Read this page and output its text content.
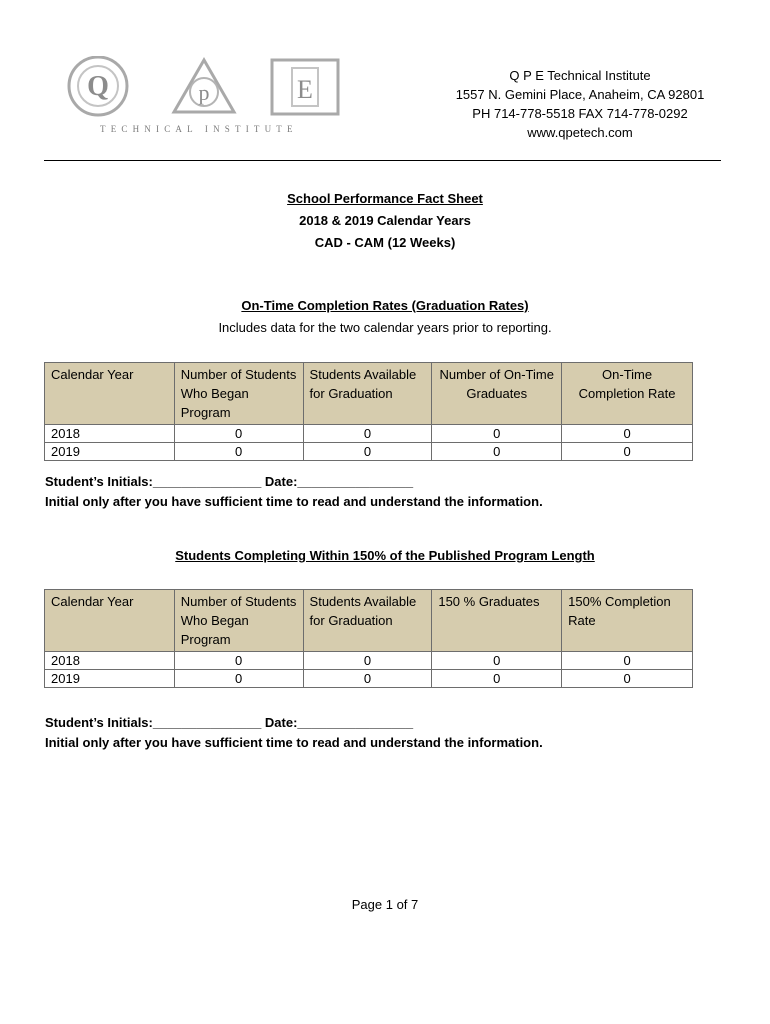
Q	p	E
TECHNICAL INSTITUTE
Q P E Technical Institute
1557 N. Gemini Place, Anaheim, CA 92801
PH 714-778-5518 FAX 714-778-0292
www.qpetech.com
School Performance Fact Sheet
2018 & 2019 Calendar Years
CAD - CAM (12 Weeks)
On-Time Completion Rates (Graduation Rates)
Includes data for the two calendar years prior to reporting.
Calendar Year	Number of Students Who Began Program	Students Available for Graduation	Number of On-Time Graduates	On-Time Completion Rate
2018	0	0	0	0
2019	0	0	0	0
Student’s Initials:_______________ Date:________________
Initial only after you have sufficient time to read and understand the information.
Students Completing Within 150% of the Published Program Length
Calendar Year	Number of Students Who Began Program	Students Available for Graduation	150 % Graduates	150% Completion Rate
2018	0	0	0	0
2019	0	0	0	0
Student’s Initials:_______________ Date:________________
Initial only after you have sufficient time to read and understand the information.
Page 1 of 7
